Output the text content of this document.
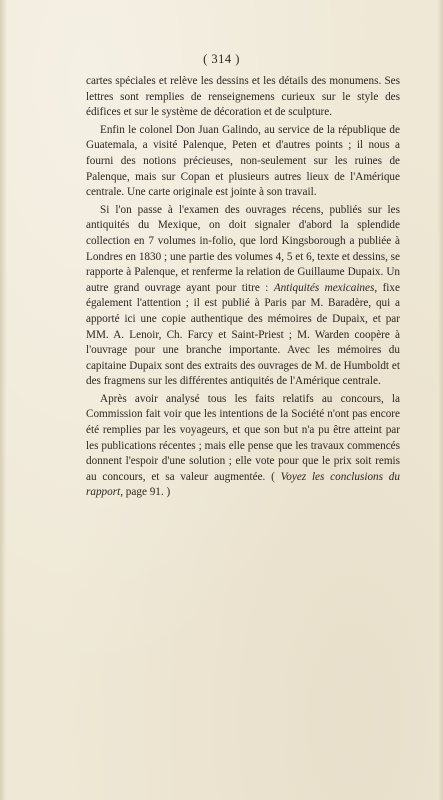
( 314 )

cartes spéciales et relève les dessins et les détails des monumens. Ses lettres sont remplies de renseignemens curieux sur le style des édifices et sur le système de décoration et de sculpture.

Enfin le colonel Don Juan Galindo, au service de la république de Guatemala, a visité Palenque, Peten et d'autres points ; il nous a fourni des notions précieuses, non-seulement sur les ruines de Palenque, mais sur Copan et plusieurs autres lieux de l'Amérique centrale. Une carte originale est jointe à son travail.

Si l'on passe à l'examen des ouvrages récens, publiés sur les antiquités du Mexique, on doit signaler d'abord la splendide collection en 7 volumes in-folio, que lord Kingsborough a publiée à Londres en 1830 ; une partie des volumes 4, 5 et 6, texte et dessins, se rapporte à Palenque, et renferme la relation de Guillaume Dupaix. Un autre grand ouvrage ayant pour titre : Antiquités mexicaines, fixe également l'attention ; il est publié à Paris par M. Baradère, qui a apporté ici une copie authentique des mémoires de Dupaix, et par MM. A. Lenoir, Ch. Farcy et Saint-Priest ; M. Warden coopère à l'ouvrage pour une branche importante. Avec les mémoires du capitaine Dupaix sont des extraits des ouvrages de M. de Humboldt et des fragmens sur les différentes antiquités de l'Amérique centrale.

Après avoir analysé tous les faits relatifs au concours, la Commission fait voir que les intentions de la Société n'ont pas encore été remplies par les voyageurs, et que son but n'a pu être atteint par les publications récentes ; mais elle pense que les travaux commencés donnent l'espoir d'une solution ; elle vote pour que le prix soit remis au concours, et sa valeur augmentée. ( Voyez les conclusions du rapport, page 91. )
